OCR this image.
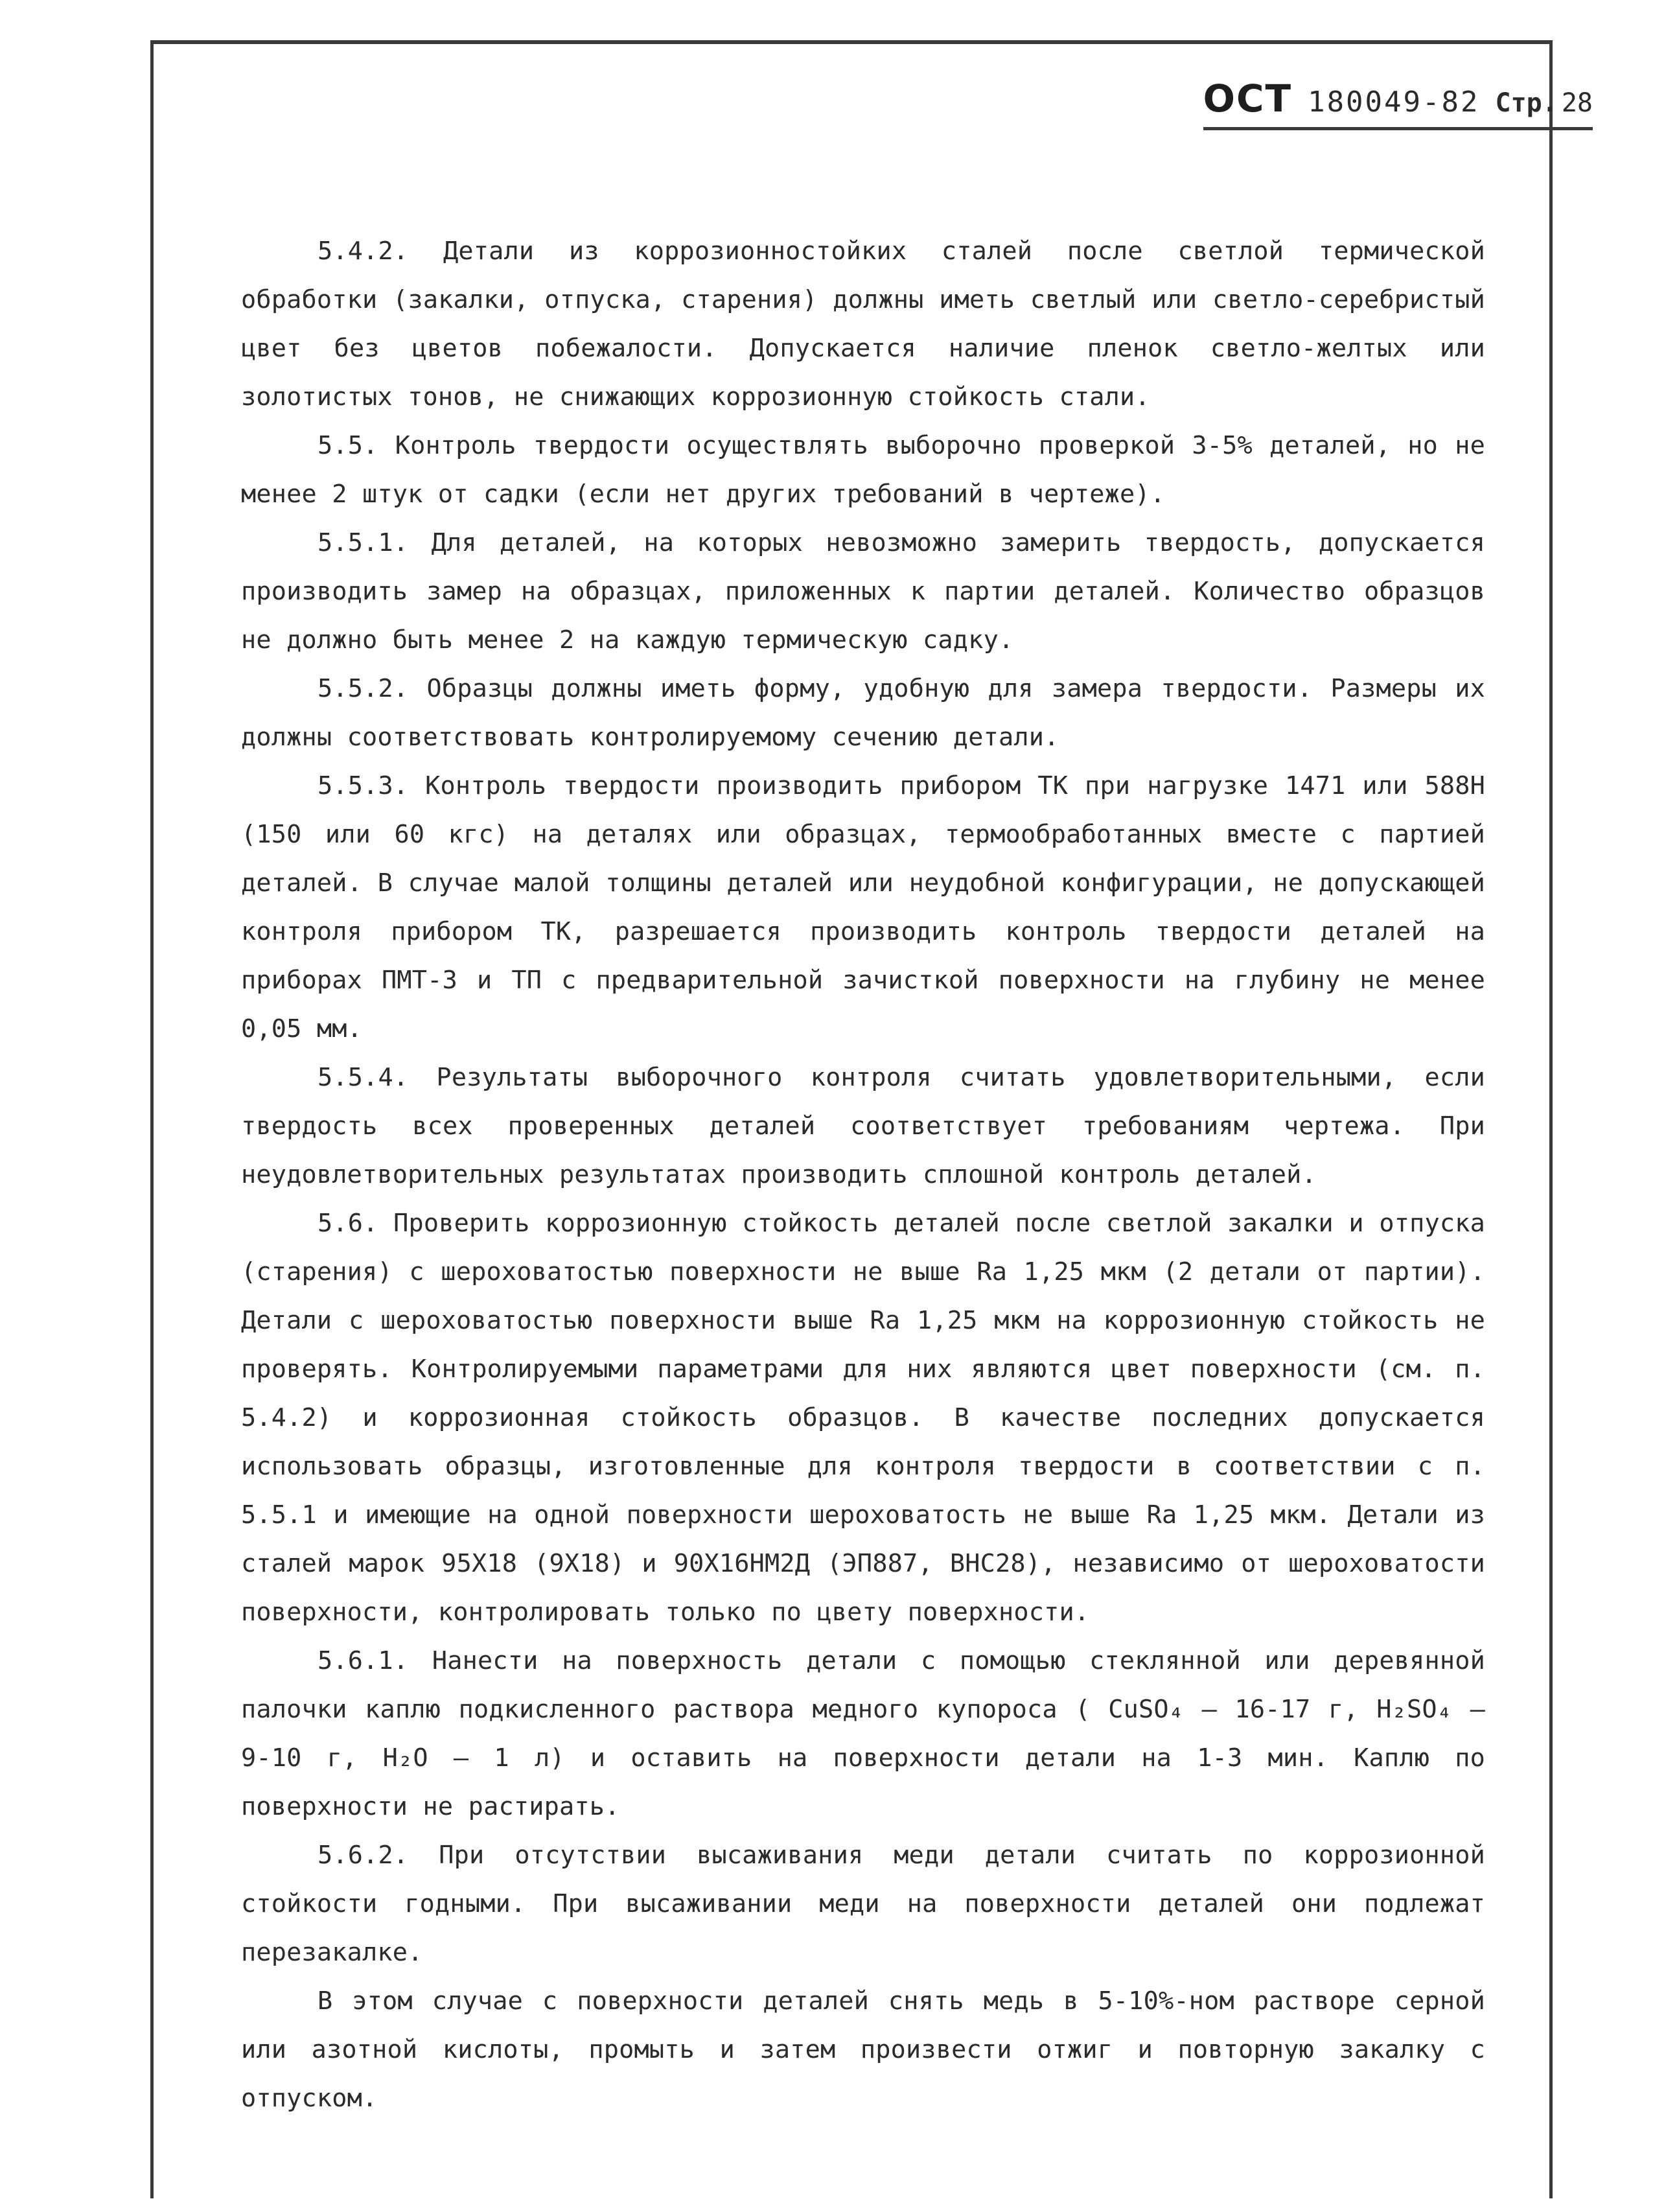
ОСТ 180049-82 Стр. 28

5.4.2. Детали из коррозионностойких сталей после светлой термической обработки (закалки, отпуска, старения) должны иметь светлый или светло-серебристый цвет без цветов побежалости. Допускается наличие пленок светло-желтых или золотистых тонов, не снижающих коррозионную стойкость стали.

5.5. Контроль твердости осуществлять выборочно проверкой 3-5% деталей, но не менее 2 штук от садки (если нет других требований в чертеже).

5.5.1. Для деталей, на которых невозможно замерить твердость, допускается производить замер на образцах, приложенных к партии деталей. Количество образцов не должно быть менее 2 на каждую термическую садку.

5.5.2. Образцы должны иметь форму, удобную для замера твердости. Размеры их должны соответствовать контролируемому сечению детали.

5.5.3. Контроль твердости производить прибором ТК при нагрузке 1471 или 588Н (150 или 60 кгс) на деталях или образцах, термообработанных вместе с партией деталей. В случае малой толщины деталей или неудобной конфигурации, не допускающей контроля прибором ТК, разрешается производить контроль твердости деталей на приборах ПМТ-3 и ТП с предварительной зачисткой поверхности на глубину не менее 0,05 мм.

5.5.4. Результаты выборочного контроля считать удовлетворительными, если твердость всех проверенных деталей соответствует требованиям чертежа. При неудовлетворительных результатах производить сплошной контроль деталей.

5.6. Проверить коррозионную стойкость деталей после светлой закалки и отпуска (старения) с шероховатостью поверхности не выше Ra 1,25 мкм (2 детали от партии). Детали с шероховатостью поверхности выше Ra 1,25 мкм на коррозионную стойкость не проверять. Контролируемыми параметрами для них являются цвет поверхности (см. п. 5.4.2) и коррозионная стойкость образцов. В качестве последних допускается использовать образцы, изготовленные для контроля твердости в соответствии с п. 5.5.1 и имеющие на одной поверхности шероховатость не выше Ra 1,25 мкм. Детали из сталей марок 95Х18 (9Х18) и 90Х16НМ2Д (ЭП887, ВНС28), независимо от шероховатости поверхности, контролировать только по цвету поверхности.

5.6.1. Нанести на поверхность детали с помощью стеклянной или деревянной палочки каплю подкисленного раствора медного купороса ( CuSO₄ – 16-17 г, H₂SO₄ – 9-10 г, H₂O – 1 л) и оставить на поверхности детали на 1-3 мин. Каплю по поверхности не растирать.

5.6.2. При отсутствии высаживания меди детали считать по коррозионной стойкости годными. При высаживании меди на поверхности деталей они подлежат перезакалке.

В этом случае с поверхности деталей снять медь в 5-10%-ном растворе серной или азотной кислоты, промыть и затем произвести отжиг и повторную закалку с отпуском.
